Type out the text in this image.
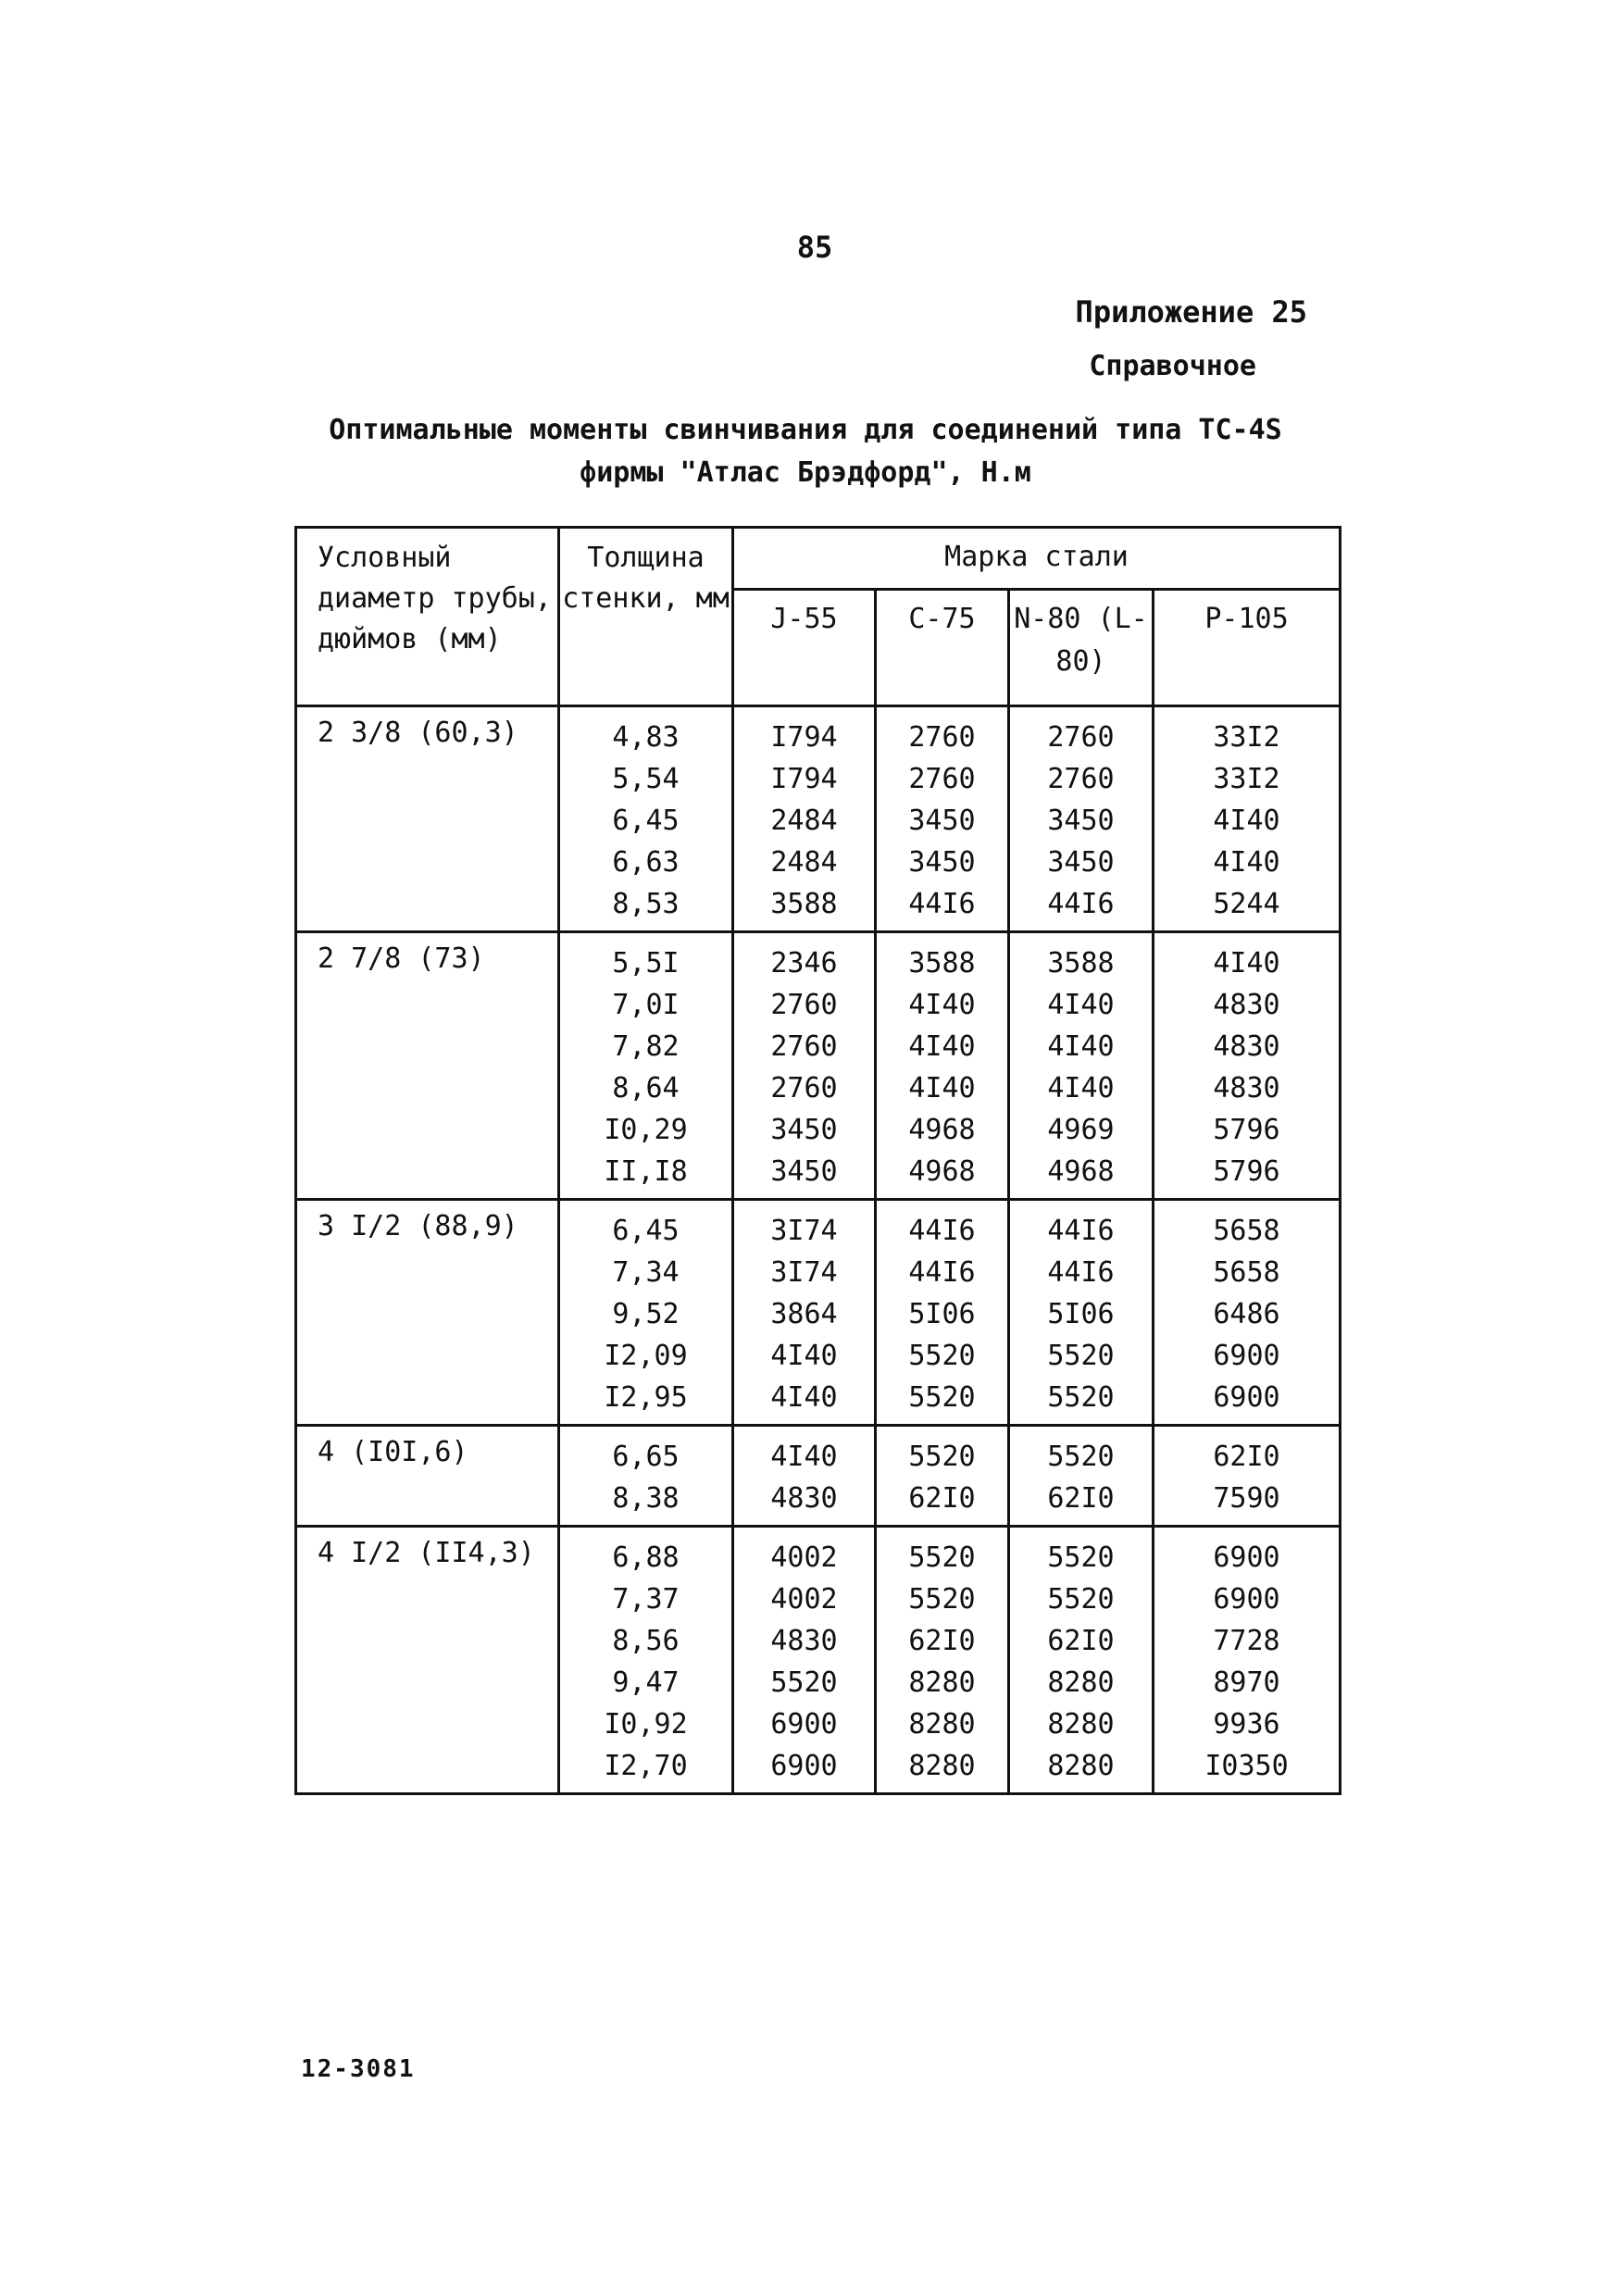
85
Приложение 25
Справочное
Оптимальные моменты свинчивания для соединений типа ТС-4S
фирмы "Атлас Брэдфорд", Н.м
Условный диаметр трубы, дюймов (мм)	Толщина стенки, мм	Марка стали			
		J-55	C-75	N-80 (L-80)	P-105
2 3/8 (60,3)	4,83	I794	2760	2760	33I2
	5,54	I794	2760	2760	33I2
	6,45	2484	3450	3450	4I40
	6,63	2484	3450	3450	4I40
	8,53	3588	44I6	44I6	5244
2 7/8 (73)	5,5I	2346	3588	3588	4I40
	7,0I	2760	4I40	4I40	4830
	7,82	2760	4I40	4I40	4830
	8,64	2760	4I40	4I40	4830
	I0,29	3450	4968	4969	5796
	II,I8	3450	4968	4968	5796
3 I/2 (88,9)	6,45	3I74	44I6	44I6	5658
	7,34	3I74	44I6	44I6	5658
	9,52	3864	5I06	5I06	6486
	I2,09	4I40	5520	5520	6900
	I2,95	4I40	5520	5520	6900
4 (I0I,6)	6,65	4I40	5520	5520	62I0
	8,38	4830	62I0	62I0	7590
4 I/2 (II4,3)	6,88	4002	5520	5520	6900
	7,37	4002	5520	5520	6900
	8,56	4830	62I0	62I0	7728
	9,47	5520	8280	8280	8970
	I0,92	6900	8280	8280	9936
	I2,70	6900	8280	8280	I0350
12-3081
